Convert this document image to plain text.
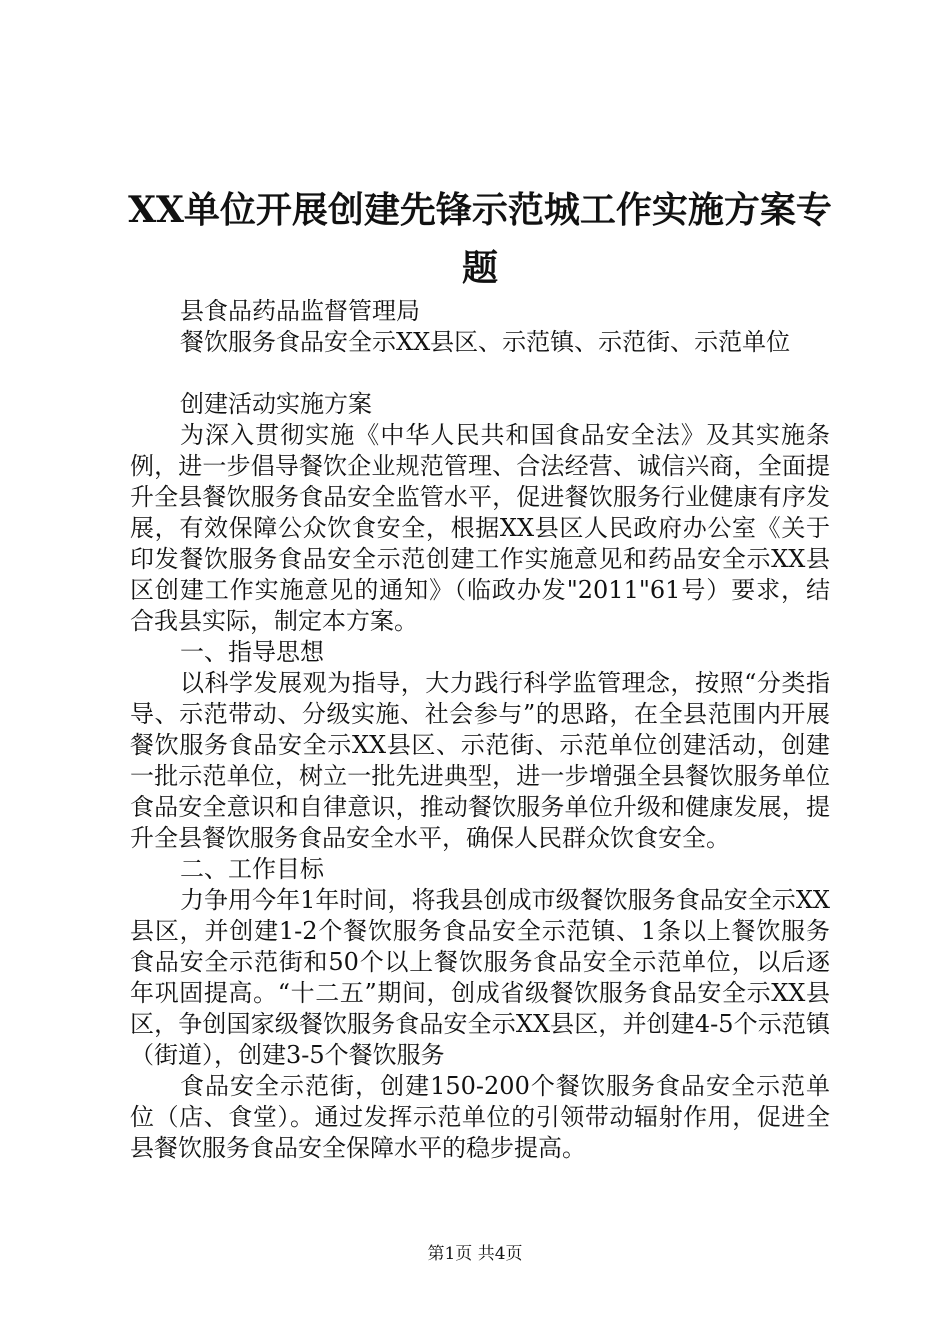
XX单位开展创建先锋示范城工作实施方案专
题

县食品药品监督管理局

餐饮服务食品安全示XX县区、示范镇、示范街、示范单位

创建活动实施方案

为深入贯彻实施《中华人民共和国食品安全法》及其实施条例，进一步倡导餐饮企业规范管理、合法经营、诚信兴商，全面提升全县餐饮服务食品安全监管水平，促进餐饮服务行业健康有序发展，有效保障公众饮食安全，根据XX县区人民政府办公室《关于印发餐饮服务食品安全示范创建工作实施意见和药品安全示XX县区创建工作实施意见的通知》（临政办发"2011"61号）要求，结合我县实际，制定本方案。

一、指导思想

以科学发展观为指导，大力践行科学监管理念，按照“分类指导、示范带动、分级实施、社会参与”的思路，在全县范围内开展餐饮服务食品安全示XX县区、示范街、示范单位创建活动，创建一批示范单位，树立一批先进典型，进一步增强全县餐饮服务单位食品安全意识和自律意识，推动餐饮服务单位升级和健康发展，提升全县餐饮服务食品安全水平，确保人民群众饮食安全。

二、工作目标

力争用今年1年时间，将我县创成市级餐饮服务食品安全示XX县区，并创建1-2个餐饮服务食品安全示范镇、1条以上餐饮服务食品安全示范街和50个以上餐饮服务食品安全示范单位，以后逐年巩固提高。“十二五”期间，创成省级餐饮服务食品安全示XX县区，争创国家级餐饮服务食品安全示XX县区，并创建4-5个示范镇（街道），创建3-5个餐饮服务

食品安全示范街，创建150-200个餐饮服务食品安全示范单位（店、食堂）。通过发挥示范单位的引领带动辐射作用，促进全县餐饮服务食品安全保障水平的稳步提高。

第1页 共4页
